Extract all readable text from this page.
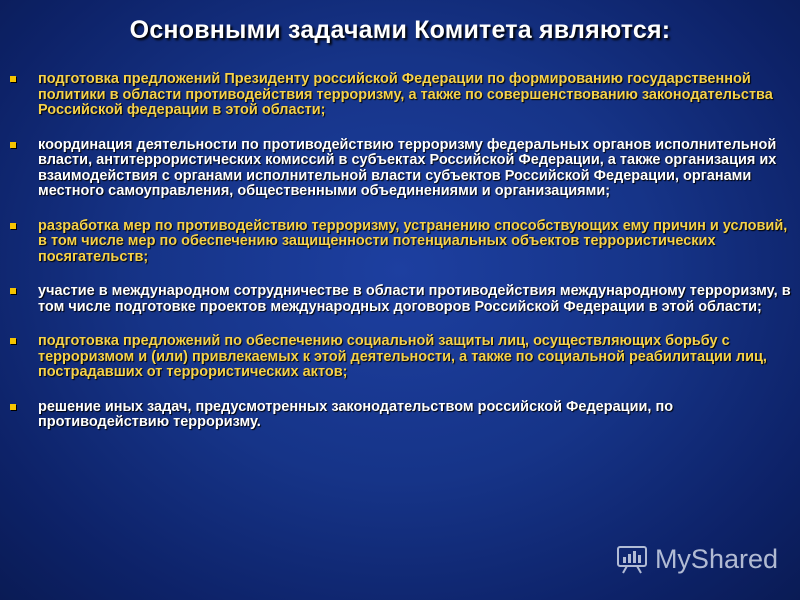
Основными задачами Комитета являются:
подготовка предложений Президенту российской Федерации по формированию государственной политики в области противодействия терроризму, а также по совершенствованию законодательства Российской федерации в этой области;
координация деятельности по противодействию терроризму федеральных органов исполнительной власти, антитеррористических комиссий в субъектах Российской Федерации, а также организация их взаимодействия с органами исполнительной власти субъектов Российской Федерации, органами местного самоуправления, общественными объединениями и организациями;
разработка мер по противодействию терроризму, устранению способствующих ему причин и условий, в том числе мер по обеспечению защищенности потенциальных объектов террористических посягательств;
участие в международном сотрудничестве в области противодействия международному терроризму, в том числе подготовке проектов международных договоров Российской Федерации в этой области;
подготовка предложений по обеспечению социальной защиты лиц, осуществляющих борьбу с терроризмом и (или) привлекаемых к этой деятельности, а также по социальной реабилитации лиц, пострадавших от террористических актов;
решение иных задач, предусмотренных законодательством российской Федерации, по противодействию терроризму.
MyShared
